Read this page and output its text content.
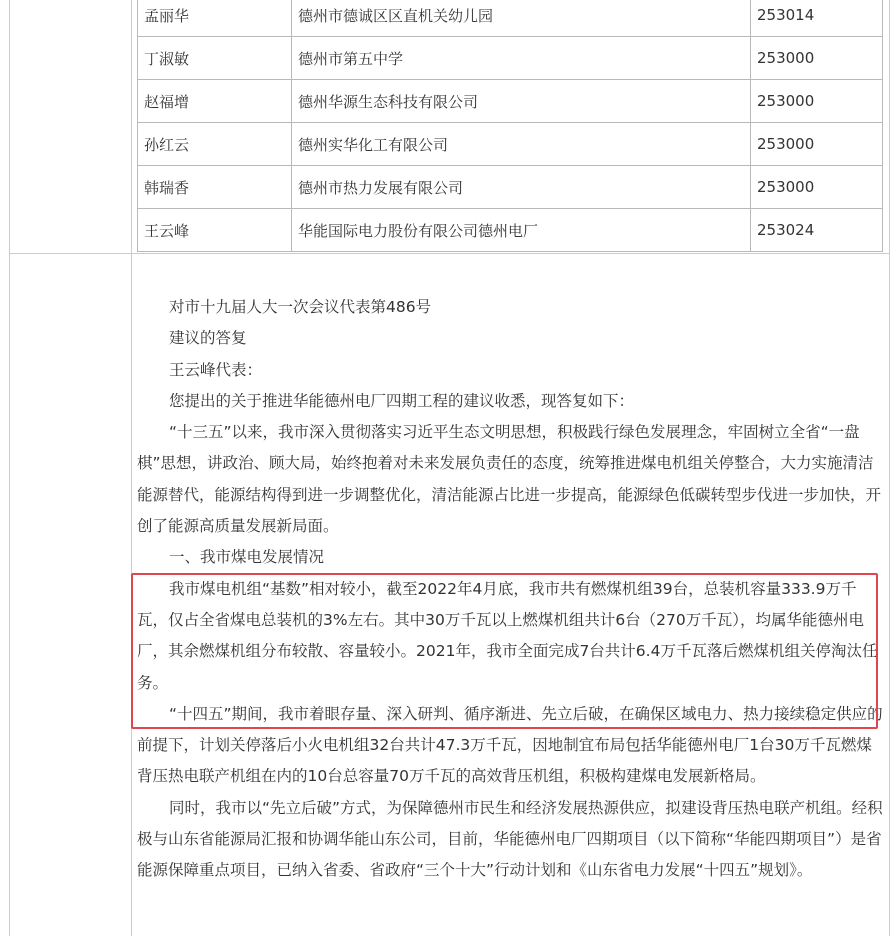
孟丽华	德州市德诚区区直机关幼儿园	253014
丁淑敏	德州市第五中学	253000
赵福增	德州华源生态科技有限公司	253000
孙红云	德州实华化工有限公司	253000
韩瑞香	德州市热力发展有限公司	253000
王云峰	华能国际电力股份有限公司德州电厂	253024

对市十九届人大一次会议代表第486号

建议的答复

王云峰代表：

您提出的关于推进华能德州电厂四期工程的建议收悉，现答复如下：

“十三五”以来，我市深入贯彻落实习近平生态文明思想，积极践行绿色发展理念，牢固树立全省“一盘棋”思想，讲政治、顾大局，始终抱着对未来发展负责任的态度，统筹推进煤电机组关停整合，大力实施清洁能源替代，能源结构得到进一步调整优化，清洁能源占比进一步提高，能源绿色低碳转型步伐进一步加快，开创了能源高质量发展新局面。

一、我市煤电发展情况

我市煤电机组“基数”相对较小，截至2022年4月底，我市共有燃煤机组39台，总装机容量333.9万千瓦，仅占全省煤电总装机的3%左右。其中30万千瓦以上燃煤机组共计6台（270万千瓦），均属华能德州电厂，其余燃煤机组分布较散、容量较小。2021年，我市全面完成7台共计6.4万千瓦落后燃煤机组关停淘汰任务。

“十四五”期间，我市着眼存量、深入研判、循序渐进、先立后破，在确保区域电力、热力接续稳定供应的前提下，计划关停落后小火电机组32台共计47.3万千瓦，因地制宜布局包括华能德州电厂1台30万千瓦燃煤背压热电联产机组在内的10台总容量70万千瓦的高效背压机组，积极构建煤电发展新格局。

同时，我市以“先立后破”方式，为保障德州市民生和经济发展热源供应，拟建设背压热电联产机组。经积极与山东省能源局汇报和协调华能山东公司，目前，华能德州电厂四期项目（以下简称“华能四期项目”）是省能源保障重点项目，已纳入省委、省政府“三个十大”行动计划和《山东省电力发展“十四五”规划》。
